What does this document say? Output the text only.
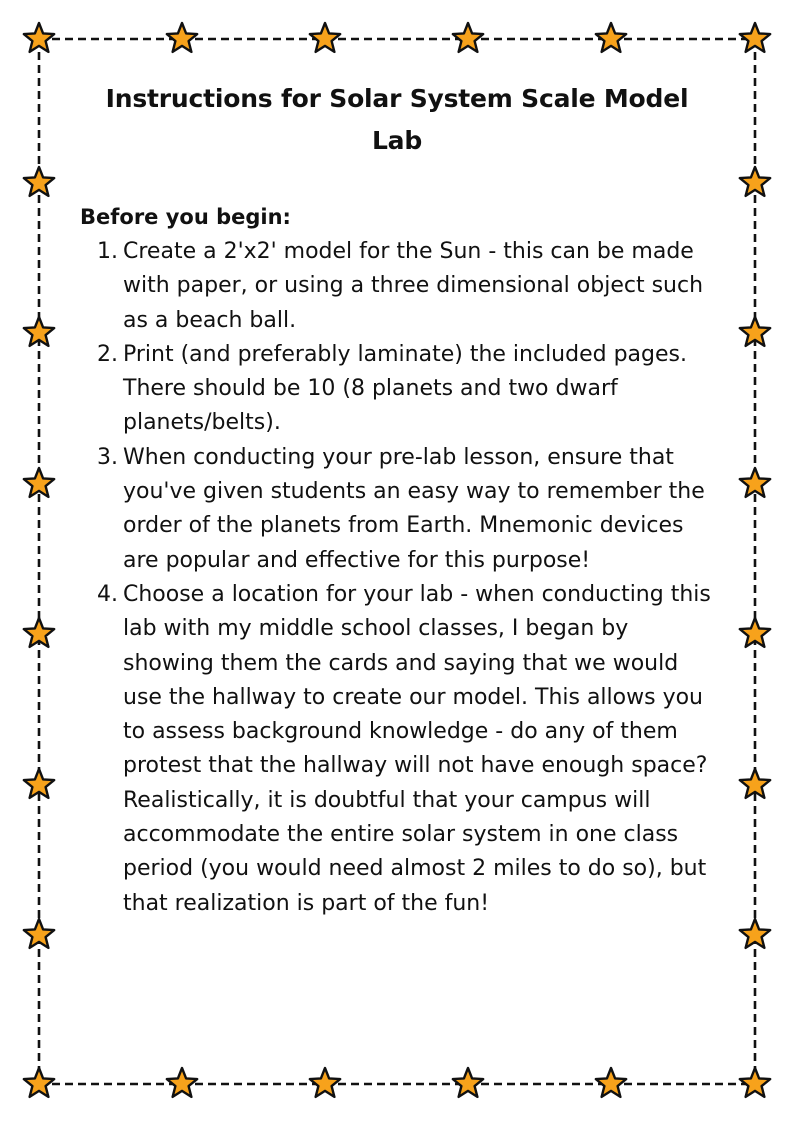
Instructions for Solar System Scale Model Lab
Before you begin:
1. Create a 2'x2' model for the Sun - this can be made with paper, or using a three dimensional object such as a beach ball.
2. Print (and preferably laminate) the included pages. There should be 10 (8 planets and two dwarf planets/belts).
3. When conducting your pre-lab lesson, ensure that you've given students an easy way to remember the order of the planets from Earth. Mnemonic devices are popular and effective for this purpose!
4. Choose a location for your lab - when conducting this lab with my middle school classes, I began by showing them the cards and saying that we would use the hallway to create our model. This allows you to assess background knowledge - do any of them protest that the hallway will not have enough space? Realistically, it is doubtful that your campus will accommodate the entire solar system in one class period (you would need almost 2 miles to do so), but that realization is part of the fun!
